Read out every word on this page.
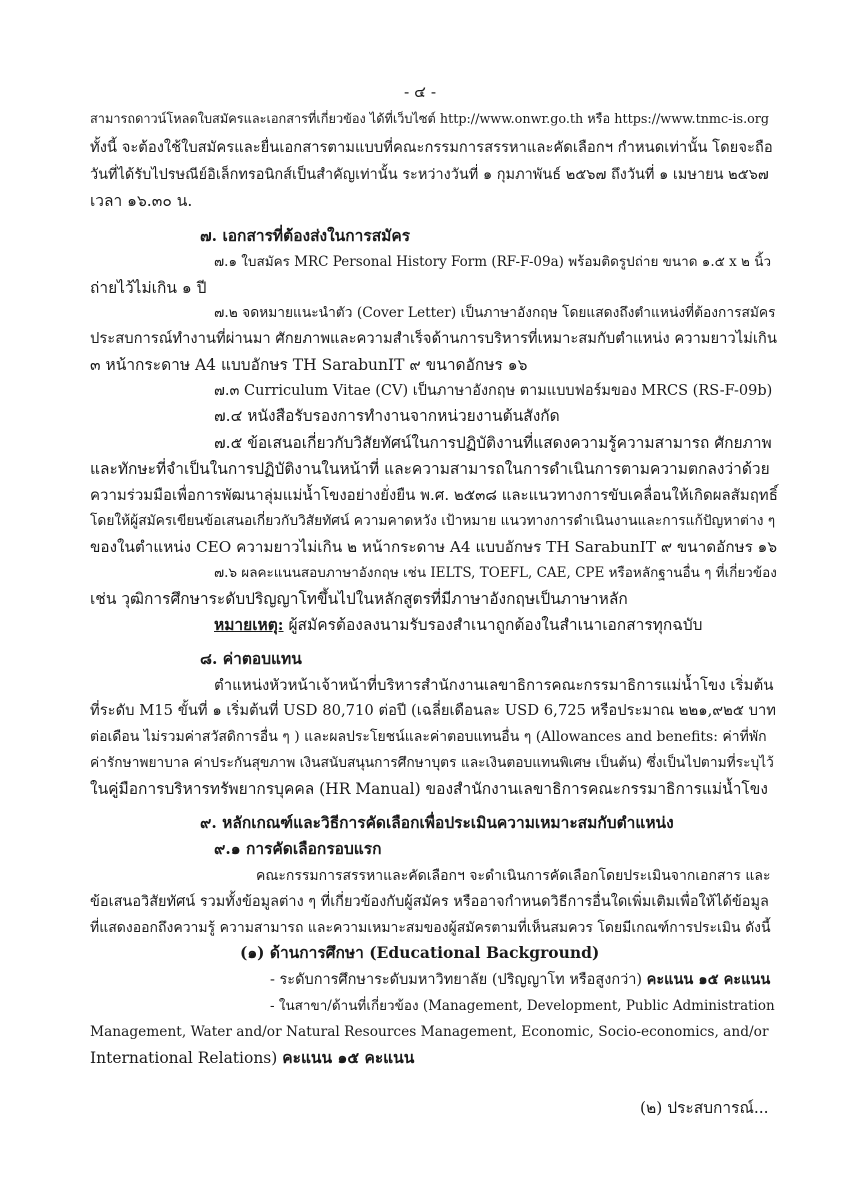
- ๔ -
สามารถดาวน์โหลดใบสมัครและเอกสารที่เกี่ยวข้อง ได้ที่เว็บไซต์ http://www.onwr.go.th หรือ https://www.tnmc-is.org
ทั้งนี้ จะต้องใช้ใบสมัครและยื่นเอกสารตามแบบที่คณะกรรมการสรรหาและคัดเลือกฯ กำหนดเท่านั้น โดยจะถือ
วันที่ได้รับไปรษณีย์อิเล็กทรอนิกส์เป็นสำคัญเท่านั้น ระหว่างวันที่ ๑ กุมภาพันธ์ ๒๕๖๗ ถึงวันที่ ๑ เมษายน ๒๕๖๗
เวลา ๑๖.๓๐ น.
๗. เอกสารที่ต้องส่งในการสมัคร
๗.๑ ใบสมัคร MRC Personal History Form (RF-F-09a) พร้อมติดรูปถ่าย ขนาด ๑.๕ x ๒ นิ้ว
ถ่ายไว้ไม่เกิน ๑ ปี
๗.๒ จดหมายแนะนำตัว (Cover Letter) เป็นภาษาอังกฤษ โดยแสดงถึงตำแหน่งที่ต้องการสมัคร
ประสบการณ์ทำงานที่ผ่านมา ศักยภาพและความสำเร็จด้านการบริหารที่เหมาะสมกับตำแหน่ง ความยาวไม่เกิน
๓ หน้ากระดาษ A4 แบบอักษร TH SarabunIT ๙ ขนาดอักษร ๑๖
๗.๓ Curriculum Vitae (CV) เป็นภาษาอังกฤษ ตามแบบฟอร์มของ MRCS (RS-F-09b)
๗.๔ หนังสือรับรองการทำงานจากหน่วยงานต้นสังกัด
๗.๕ ข้อเสนอเกี่ยวกับวิสัยทัศน์ในการปฏิบัติงานที่แสดงความรู้ความสามารถ ศักยภาพ
และทักษะที่จำเป็นในการปฏิบัติงานในหน้าที่ และความสามารถในการดำเนินการตามความตกลงว่าด้วย
ความร่วมมือเพื่อการพัฒนาลุ่มแม่น้ำโขงอย่างยั่งยืน พ.ศ. ๒๕๓๘ และแนวทางการขับเคลื่อนให้เกิดผลสัมฤทธิ์
โดยให้ผู้สมัครเขียนข้อเสนอเกี่ยวกับวิสัยทัศน์ ความคาดหวัง เป้าหมาย แนวทางการดำเนินงานและการแก้ปัญหาต่าง ๆ
ของในตำแหน่ง CEO ความยาวไม่เกิน ๒ หน้ากระดาษ A4 แบบอักษร TH SarabunIT ๙ ขนาดอักษร ๑๖
๗.๖ ผลคะแนนสอบภาษาอังกฤษ เช่น IELTS, TOEFL, CAE, CPE หรือหลักฐานอื่น ๆ ที่เกี่ยวข้อง
เช่น วุฒิการศึกษาระดับปริญญาโทขึ้นไปในหลักสูตรที่มีภาษาอังกฤษเป็นภาษาหลัก
หมายเหตุ: ผู้สมัครต้องลงนามรับรองสำเนาถูกต้องในสำเนาเอกสารทุกฉบับ
๘. ค่าตอบแทน
ตำแหน่งหัวหน้าเจ้าหน้าที่บริหารสำนักงานเลขาธิการคณะกรรมาธิการแม่น้ำโขง เริ่มต้น
ที่ระดับ M15 ขั้นที่ ๑ เริ่มต้นที่ USD 80,710 ต่อปี (เฉลี่ยเดือนละ USD 6,725 หรือประมาณ ๒๒๑,๙๒๕ บาท
ต่อเดือน ไม่รวมค่าสวัสดิการอื่น ๆ ) และผลประโยชน์และค่าตอบแทนอื่น ๆ (Allowances and benefits: ค่าที่พัก
ค่ารักษาพยาบาล ค่าประกันสุขภาพ เงินสนับสนุนการศึกษาบุตร และเงินตอบแทนพิเศษ เป็นต้น) ซึ่งเป็นไปตามที่ระบุไว้
ในคู่มือการบริหารทรัพยากรบุคคล (HR Manual) ของสำนักงานเลขาธิการคณะกรรมาธิการแม่น้ำโขง
๙. หลักเกณฑ์และวิธีการคัดเลือกเพื่อประเมินความเหมาะสมกับตำแหน่ง
๙.๑ การคัดเลือกรอบแรก
คณะกรรมการสรรหาและคัดเลือกฯ จะดำเนินการคัดเลือกโดยประเมินจากเอกสาร และ
ข้อเสนอวิสัยทัศน์ รวมทั้งข้อมูลต่าง ๆ ที่เกี่ยวข้องกับผู้สมัคร หรืออาจกำหนดวิธีการอื่นใดเพิ่มเติมเพื่อให้ได้ข้อมูล
ที่แสดงออกถึงความรู้ ความสามารถ และความเหมาะสมของผู้สมัครตามที่เห็นสมควร โดยมีเกณฑ์การประเมิน ดังนี้
(๑) ด้านการศึกษา (Educational Background)
- ระดับการศึกษาระดับมหาวิทยาลัย (ปริญญาโท หรือสูงกว่า) คะแนน ๑๕ คะแนน
- ในสาขา/ด้านที่เกี่ยวข้อง (Management, Development, Public Administration
Management, Water and/or Natural Resources Management, Economic, Socio-economics, and/or
International Relations) คะแนน ๑๕ คะแนน
(๒) ประสบการณ์...
